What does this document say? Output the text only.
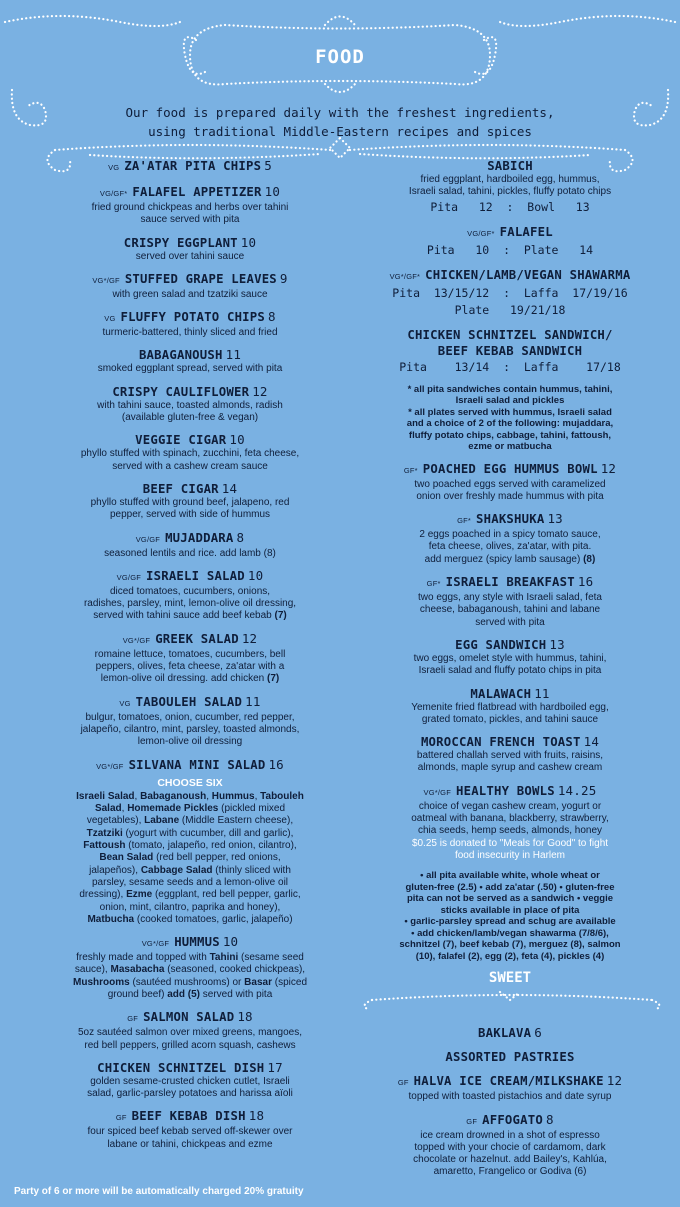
FOOD
Our food is prepared daily with the freshest ingredients,
using traditional Middle-Eastern recipes and spices
VG ZA'ATAR PITA CHIPS 5
VG/GF* FALAFEL APPETIZER 10
fried ground chickpeas and herbs over tahini
sauce served with pita
CRISPY EGGPLANT 10
served over tahini sauce
VG*/GF STUFFED GRAPE LEAVES 9
with green salad and tzatziki sauce
VG FLUFFY POTATO CHIPS 8
turmeric-battered, thinly sliced and fried
BABAGANOUSH 11
smoked eggplant spread, served with pita
CRISPY CAULIFLOWER 12
with tahini sauce, toasted almonds, radish
(available gluten-free & vegan)
VEGGIE CIGAR 10
phyllo stuffed with spinach, zucchini, feta cheese,
served with a cashew cream sauce
BEEF CIGAR 14
phyllo stuffed with ground beef, jalapeno, red
pepper, served with side of hummus
VG/GF MUJADDARA 8
seasoned lentils and rice. add lamb (8)
VG/GF ISRAELI SALAD 10
diced tomatoes, cucumbers, onions,
radishes, parsley, mint, lemon-olive oil dressing,
served with tahini sauce add beef kebab (7)
VG*/GF GREEK SALAD 12
romaine lettuce, tomatoes, cucumbers, bell
peppers, olives, feta cheese, za'atar with a
lemon-olive oil dressing. add chicken (7)
VG TABOULEH SALAD 11
bulgur, tomatoes, onion, cucumber, red pepper,
jalapeño, cilantro, mint, parsley, toasted almonds,
lemon-olive oil dressing
VG*/GF SILVANA MINI SALAD 16
CHOOSE SIX
Israeli Salad, Babaganoush, Hummus, Tabouleh
Salad, Homemade Pickles (pickled mixed
vegetables), Labane (Middle Eastern cheese),
Tzatziki (yogurt with cucumber, dill and garlic),
Fattoush (tomato, jalapeño, red onion, cilantro),
Bean Salad (red bell pepper, red onions,
jalapeños), Cabbage Salad (thinly sliced with
parsley, sesame seeds and a lemon-olive oil
dressing), Ezme (eggplant, red bell pepper, garlic,
onion, mint, cilantro, paprika and honey),
Matbucha (cooked tomatoes, garlic, jalapeño)
VG*/GF HUMMUS 10
freshly made and topped with Tahini (sesame seed
sauce), Masabacha (seasoned, cooked chickpeas),
Mushrooms (sautéed mushrooms) or Basar (spiced
ground beef) add (5) served with pita
GF SALMON SALAD 18
5oz sautéed salmon over mixed greens, mangoes,
red bell peppers, grilled acorn squash, cashews
CHICKEN SCHNITZEL DISH 17
golden sesame-crusted chicken cutlet, Israeli
salad, garlic-parsley potatoes and harissa aïoli
GF BEEF KEBAB DISH 18
four spiced beef kebab served off-skewer over
labane or tahini, chickpeas and ezme
SABICH
fried eggplant, hardboiled egg, hummus,
Israeli salad, tahini, pickles, fluffy potato chips
Pita   12  :  Bowl   13
VG/GF* FALAFEL
Pita   10  :  Plate   14
VG*/GF* CHICKEN/LAMB/VEGAN SHAWARMA
Pita  13/15/12  :  Laffa  17/19/16
Plate   19/21/18
CHICKEN SCHNITZEL SANDWICH/
BEEF KEBAB SANDWICH
Pita    13/14  :  Laffa    17/18
* all pita sandwiches contain hummus, tahini,
Israeli salad and pickles
* all plates served with hummus, Israeli salad
and a choice of 2 of the following: mujaddara,
fluffy potato chips, cabbage, tahini, fattoush,
ezme or matbucha
GF* POACHED EGG HUMMUS BOWL 12
two poached eggs served with caramelized
onion over freshly made hummus with pita
GF* SHAKSHUKA 13
2 eggs poached in a spicy tomato sauce,
feta cheese, olives, za'atar, with pita.
add merguez (spicy lamb sausage) (8)
GF* ISRAELI BREAKFAST 16
two eggs, any style with Israeli salad, feta
cheese, babaganoush, tahini and labane
served with pita
EGG SANDWICH 13
two eggs, omelet style with hummus, tahini,
Israeli salad and fluffy potato chips in pita
MALAWACH 11
Yemenite fried flatbread with hardboiled egg,
grated tomato, pickles, and tahini sauce
MOROCCAN FRENCH TOAST 14
battered challah served with fruits, raisins,
almonds, maple syrup and cashew cream
VG*/GF HEALTHY BOWLS 14.25
choice of vegan cashew cream, yogurt or
oatmeal with banana, blackberry, strawberry,
chia seeds, hemp seeds, almonds, honey
$0.25 is donated to "Meals for Good" to fight
food insecurity in Harlem
• all pita available white, whole wheat or
gluten-free (2.5) • add za'atar (.50) • gluten-free
pita can not be served as a sandwich • veggie
sticks available in place of pita
• garlic-parsley spread and schug are available
• add chicken/lamb/vegan shawarma (7/8/6),
schnitzel (7), beef kebab (7), merguez (8), salmon
(10), falafel (2), egg (2), feta (4), pickles (4)
SWEET
BAKLAVA 6
ASSORTED PASTRIES
GF HALVA ICE CREAM/MILKSHAKE 12
topped with toasted pistachios and date syrup
GF AFFOGATO 8
ice cream drowned in a shot of espresso
topped with your chocie of cardamom, dark
chocolate or hazelnut. add Bailey's, Kahlúa,
amaretto, Frangelico or Godiva (6)
Party of 6 or more will be automatically charged 20% gratuity
